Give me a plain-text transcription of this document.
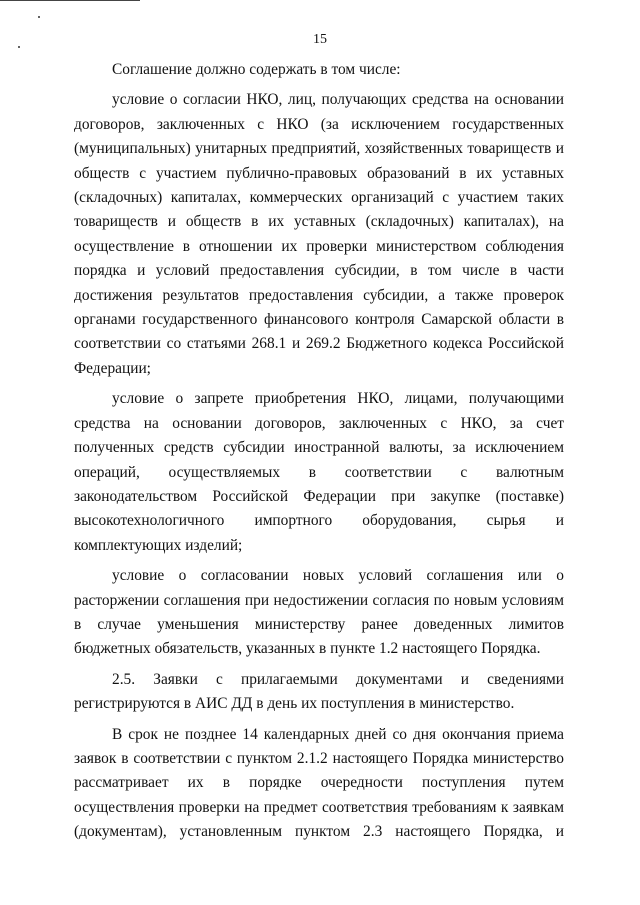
15

Соглашение должно содержать в том числе:

условие о согласии НКО, лиц, получающих средства на основании договоров, заключенных с НКО (за исключением государственных (муниципальных) унитарных предприятий, хозяйственных товариществ и обществ с участием публично-правовых образований в их уставных (складочных) капиталах, коммерческих организаций с участием таких товариществ и обществ в их уставных (складочных) капиталах), на осуществление в отношении их проверки министерством соблюдения порядка и условий предоставления субсидии, в том числе в части достижения результатов предоставления субсидии, а также проверок органами государственного финансового контроля Самарской области в соответствии со статьями 268.1 и 269.2 Бюджетного кодекса Российской Федерации;

условие о запрете приобретения НКО, лицами, получающими средства на основании договоров, заключенных с НКО, за счет полученных средств субсидии иностранной валюты, за исключением операций, осуществляемых в соответствии с валютным законодательством Российской Федерации при закупке (поставке) высокотехнологичного импортного оборудования, сырья и комплектующих изделий;

условие о согласовании новых условий соглашения или о расторжении соглашения при недостижении согласия по новым условиям в случае уменьшения министерству ранее доведенных лимитов бюджетных обязательств, указанных в пункте 1.2 настоящего Порядка.

2.5. Заявки с прилагаемыми документами и сведениями регистрируются в АИС ДД в день их поступления в министерство.

В срок не позднее 14 календарных дней со дня окончания приема заявок в соответствии с пунктом 2.1.2 настоящего Порядка министерство рассматривает их в порядке очередности поступления путем осуществления проверки на предмет соответствия требованиям к заявкам (документам), установленным пунктом 2.3 настоящего Порядка, и
